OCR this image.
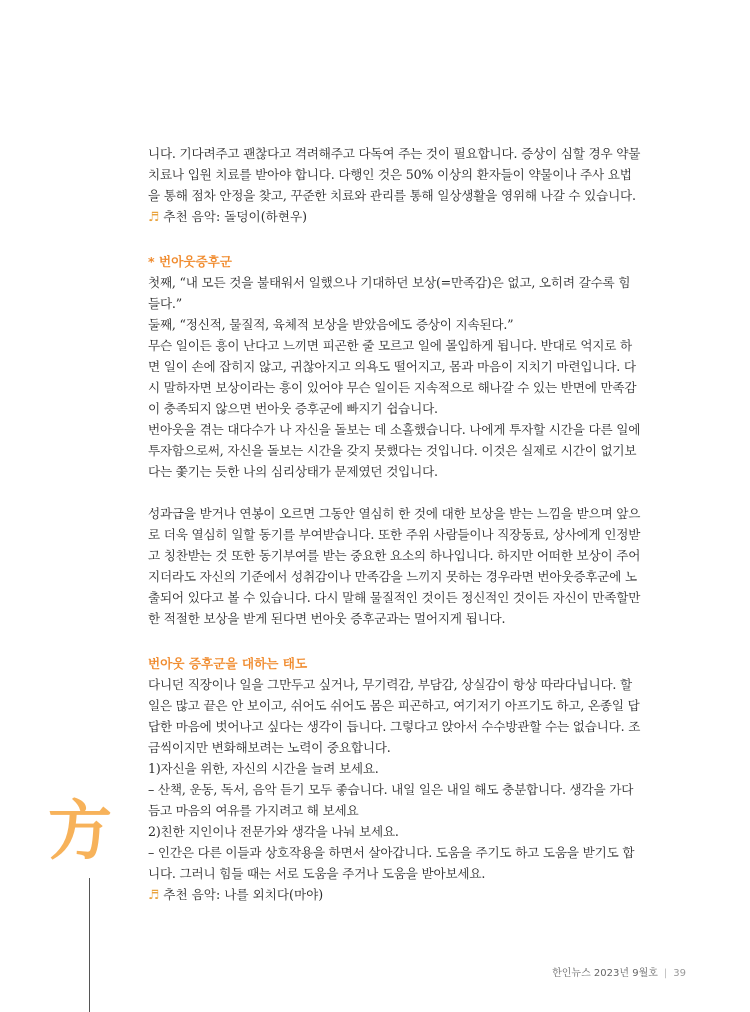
니다. 기다려주고 괜찮다고 격려해주고 다독여 주는 것이 필요합니다. 증상이 심할 경우 약물
치료나 입원 치료를 받아야 합니다. 다행인 것은 50% 이상의 환자들이 약물이나 주사 요법
을 통해 점차 안정을 찾고, 꾸준한 치료와 관리를 통해 일상생활을 영위해 나갈 수 있습니다.

♬ 추천 음악: 돌덩이(하현우)

* 번아웃증후군

첫째, “내 모든 것을 불태워서 일했으나 기대하던 보상(=만족감)은 없고, 오히려 갈수록 힘
들다.”

둘째, “정신적, 물질적, 육체적 보상을 받았음에도 증상이 지속된다.”

무슨 일이든 흥이 난다고 느끼면 피곤한 줄 모르고 일에 몰입하게 됩니다. 반대로 억지로 하
면 일이 손에 잡히지 않고, 귀찮아지고 의욕도 떨어지고, 몸과 마음이 지치기 마련입니다. 다
시 말하자면 보상이라는 흥이 있어야 무슨 일이든 지속적으로 해나갈 수 있는 반면에 만족감
이 충족되지 않으면 번아웃 증후군에 빠지기 쉽습니다.

번아웃을 겪는 대다수가 나 자신을 돌보는 데 소홀했습니다. 나에게 투자할 시간을 다른 일에
투자함으로써, 자신을 돌보는 시간을 갖지 못했다는 것입니다. 이것은 실제로 시간이 없기보
다는 쫓기는 듯한 나의 심리상태가 문제였던 것입니다.

성과급을 받거나 연봉이 오르면 그동안 열심히 한 것에 대한 보상을 받는 느낌을 받으며 앞으
로 더욱 열심히 일할 동기를 부여받습니다. 또한 주위 사람들이나 직장동료, 상사에게 인정받
고 칭찬받는 것 또한 동기부여를 받는 중요한 요소의 하나입니다. 하지만 어떠한 보상이 주어
지더라도 자신의 기준에서 성취감이나 만족감을 느끼지 못하는 경우라면 번아웃증후군에 노
출되어 있다고 볼 수 있습니다. 다시 말해 물질적인 것이든 정신적인 것이든 자신이 만족할만
한 적절한 보상을 받게 된다면 번아웃 증후군과는 멀어지게 됩니다.

번아웃 증후군을 대하는 태도

다니던 직장이나 일을 그만두고 싶거나, 무기력감, 부담감, 상실감이 항상 따라다닙니다. 할
일은 많고 끝은 안 보이고, 쉬어도 쉬어도 몸은 피곤하고, 여기저기 아프기도 하고, 온종일 답
답한 마음에 벗어나고 싶다는 생각이 듭니다. 그렇다고 앉아서 수수방관할 수는 없습니다. 조
금씩이지만 변화해보려는 노력이 중요합니다.

1)자신을 위한, 자신의 시간을 늘려 보세요.

– 산책, 운동, 독서, 음악 듣기 모두 좋습니다. 내일 일은 내일 해도 충분합니다. 생각을 가다
듬고 마음의 여유를 가지려고 해 보세요

2)친한 지인이나 전문가와 생각을 나눠 보세요.

– 인간은 다른 이들과 상호작용을 하면서 살아갑니다. 도움을 주기도 하고 도움을 받기도 합
니다. 그러니 힘들 때는 서로 도움을 주거나 도움을 받아보세요.

♬ 추천 음악: 나를 외치다(마야)

方
한인뉴스 2023년 9월호 | 39
